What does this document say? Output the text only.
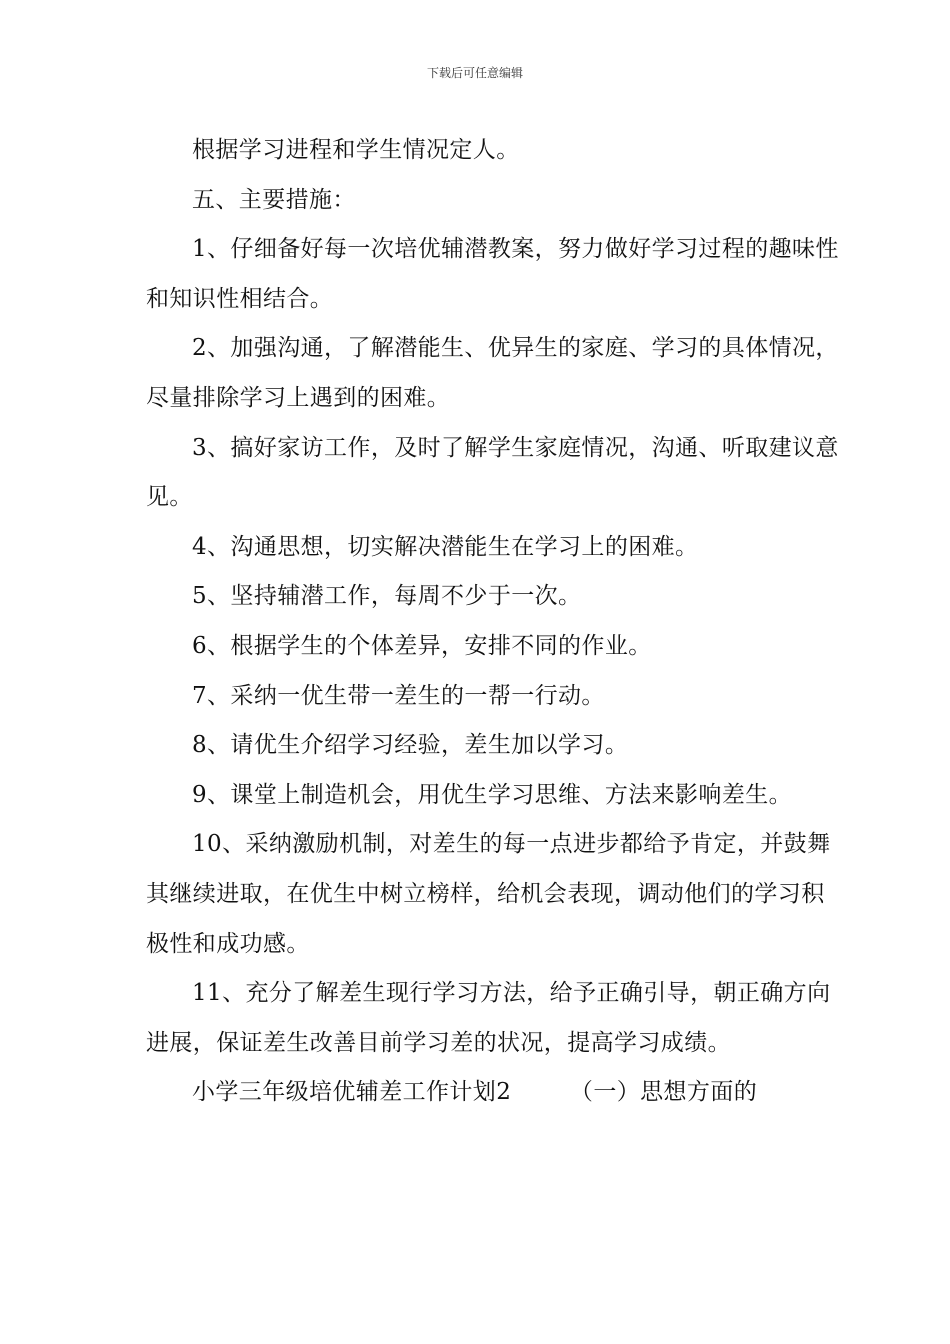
下载后可任意编辑

根据学习进程和学生情况定人。

五、主要措施：

1、仔细备好每一次培优辅潜教案，努力做好学习过程的趣味性和知识性相结合。

2、加强沟通，了解潜能生、优异生的家庭、学习的具体情况，尽量排除学习上遇到的困难。

3、搞好家访工作，及时了解学生家庭情况，沟通、听取建议意见。

4、沟通思想，切实解决潜能生在学习上的困难。

5、坚持辅潜工作，每周不少于一次。

6、根据学生的个体差异，安排不同的作业。

7、采纳一优生带一差生的一帮一行动。

8、请优生介绍学习经验，差生加以学习。

9、课堂上制造机会，用优生学习思维、方法来影响差生。

10、采纳激励机制，对差生的每一点进步都给予肯定，并鼓舞其继续进取，在优生中树立榜样，给机会表现，调动他们的学习积极性和成功感。

11、充分了解差生现行学习方法，给予正确引导，朝正确方向进展，保证差生改善目前学习差的状况，提高学习成绩。

小学三年级培优辅差工作计划2　　　（一）思想方面的
